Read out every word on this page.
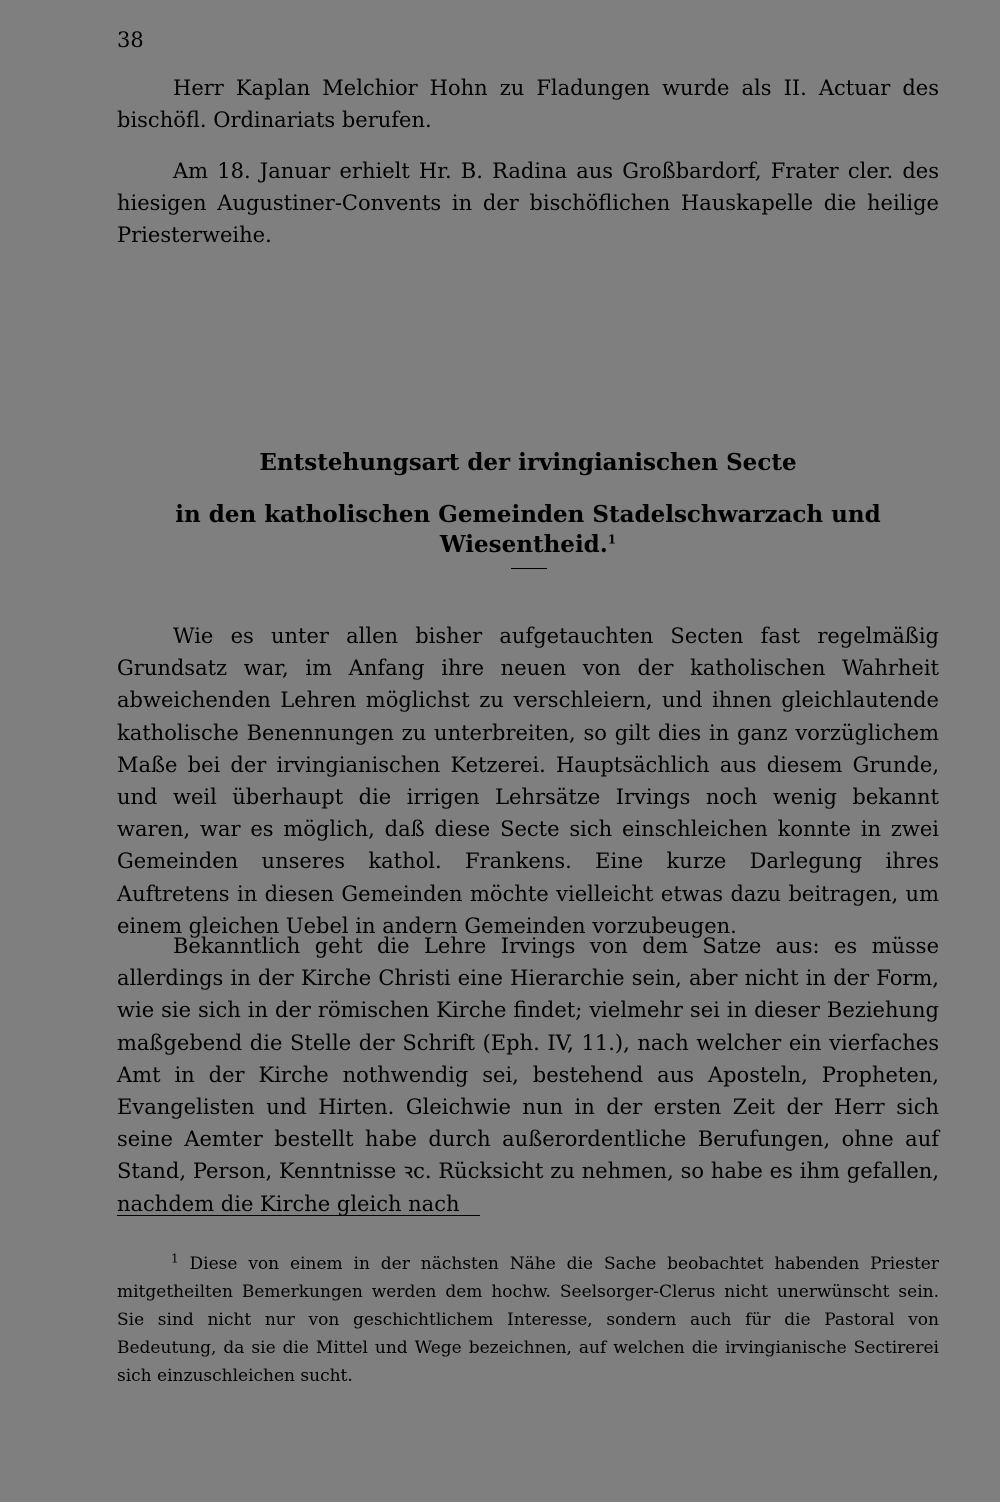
38

Herr Kaplan Melchior Hohn zu Fladungen wurde als II. Actuar des bischöfl. Ordinariats berufen.

Am 18. Januar erhielt Hr. B. Radina aus Großbardorf, Frater cler. des hiesigen Augustiner-Convents in der bischöflichen Hauskapelle die heilige Priesterweihe.

Entstehungsart der irvingianischen Secte
in den katholischen Gemeinden Stadelschwarzach und Wiesentheid.$^1$

Wie es unter allen bisher aufgetauchten Secten fast regelmäßig Grundsatz war, im Anfang ihre neuen von der katholischen Wahrheit abweichenden Lehren möglichst zu verschleiern, und ihnen gleichlautende katholische Benennungen zu unterbreiten, so gilt dies in ganz vorzüglichem Maße bei der irvingianischen Ketzerei. Hauptsächlich aus diesem Grunde, und weil überhaupt die irrigen Lehrsätze Irvings noch wenig bekannt waren, war es möglich, daß diese Secte sich einschleichen konnte in zwei Gemeinden unseres kathol. Frankens. Eine kurze Darlegung ihres Auftretens in diesen Gemeinden möchte vielleicht etwas dazu beitragen, um einem gleichen Uebel in andern Gemeinden vorzubeugen.

Bekanntlich geht die Lehre Irvings von dem Satze aus: es müsse allerdings in der Kirche Christi eine Hierarchie sein, aber nicht in der Form, wie sie sich in der römischen Kirche findet; vielmehr sei in dieser Beziehung maßgebend die Stelle der Schrift (Eph. IV, 11.), nach welcher ein vierfaches Amt in der Kirche nothwendig sei, bestehend aus Aposteln, Propheten, Evangelisten und Hirten. Gleichwie nun in der ersten Zeit der Herr sich seine Aemter bestellt habe durch außerordentliche Berufungen, ohne auf Stand, Person, Kenntnisse ꝛc. Rücksicht zu nehmen, so habe es ihm gefallen, nachdem die Kirche gleich nach

$^1$ Diese von einem in der nächsten Nähe die Sache beobachtet habenden Priester mitgetheilten Bemerkungen werden dem hochw. Seelsorger-Clerus nicht unerwünscht sein. Sie sind nicht nur von geschichtlichem Interesse, sondern auch für die Pastoral von Bedeutung, da sie die Mittel und Wege bezeichnen, auf welchen die irvingianische Sectirerei sich einzuschleichen sucht.
